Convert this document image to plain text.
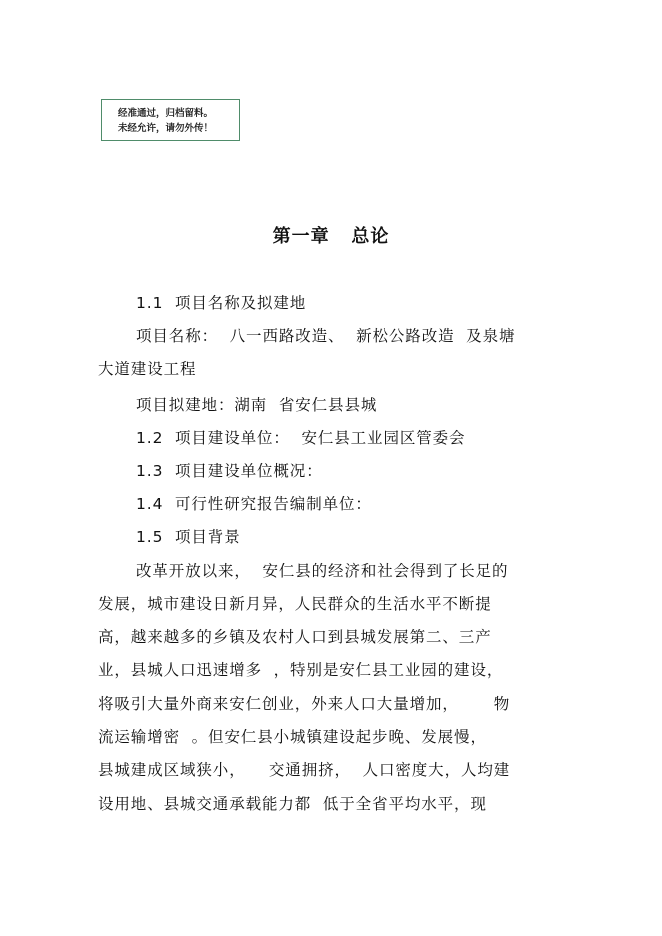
经准通过，归档留料。
未经允许，请勿外传！
第一章   总论
1.1  项目名称及拟建地
项目名称：  八一西路改造、  新松公路改造  及泉塘
大道建设工程
项目拟建地：湖南  省安仁县县城
1.2  项目建设单位：  安仁县工业园区管委会
1.3  项目建设单位概况：
1.4  可行性研究报告编制单位：
1.5  项目背景
改革开放以来，  安仁县的经济和社会得到了长足的
发展，城市建设日新月异，人民群众的生活水平不断提
高，越来越多的乡镇及农村人口到县城发展第二、三产
业，县城人口迅速增多  ，特别是安仁县工业园的建设，
将吸引大量外商来安仁创业，外来人口大量增加，      物
流运输增密  。但安仁县小城镇建设起步晚、发展慢，
县城建成区域狭小，    交通拥挤，  人口密度大，人均建
设用地、县城交通承载能力都  低于全省平均水平，现
